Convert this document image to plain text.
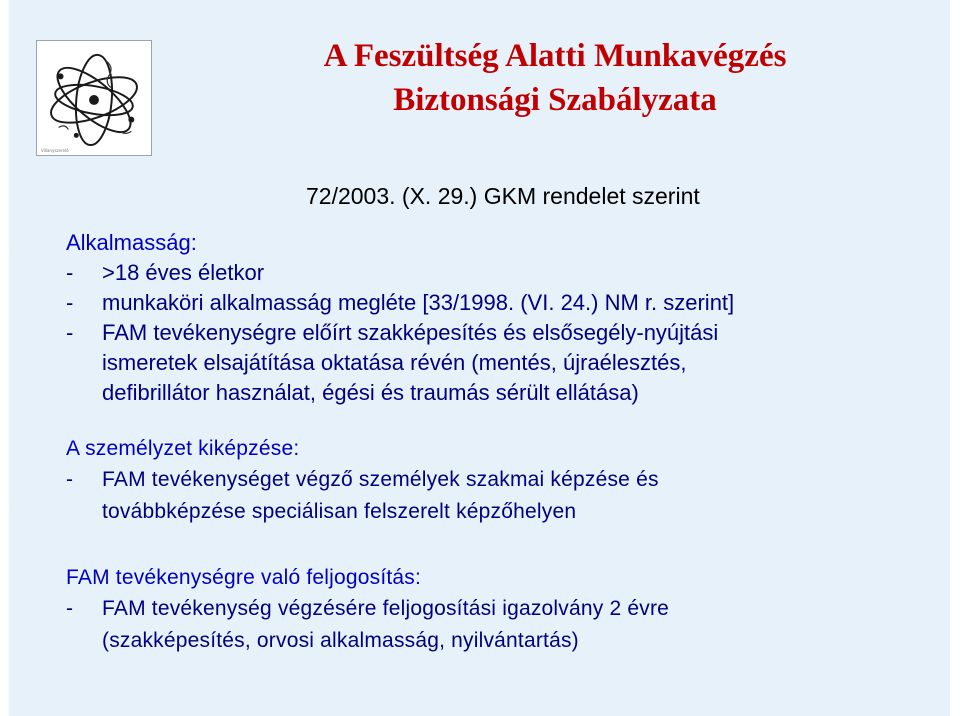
Villanyszerelő
A Feszültség Alatti Munkavégzés
Biztonsági Szabályzata
72/2003. (X. 29.) GKM rendelet szerint
Alkalmasság:
-	>18 éves életkor
-	munkaköri alkalmasság megléte [33/1998. (VI. 24.) NM r. szerint]
-	FAM tevékenységre előírt szakképesítés és elsősegély-nyújtási
ismeretek elsajátítása oktatása révén (mentés, újraélesztés,
defibrillátor használat, égési és traumás sérült ellátása)
A személyzet kiképzése:
-	FAM tevékenységet végző személyek szakmai képzése és
továbbképzése speciálisan felszerelt képzőhelyen
FAM tevékenységre való feljogosítás:
-	FAM tevékenység végzésére feljogosítási igazolvány 2 évre
(szakképesítés, orvosi alkalmasság, nyilvántartás)
